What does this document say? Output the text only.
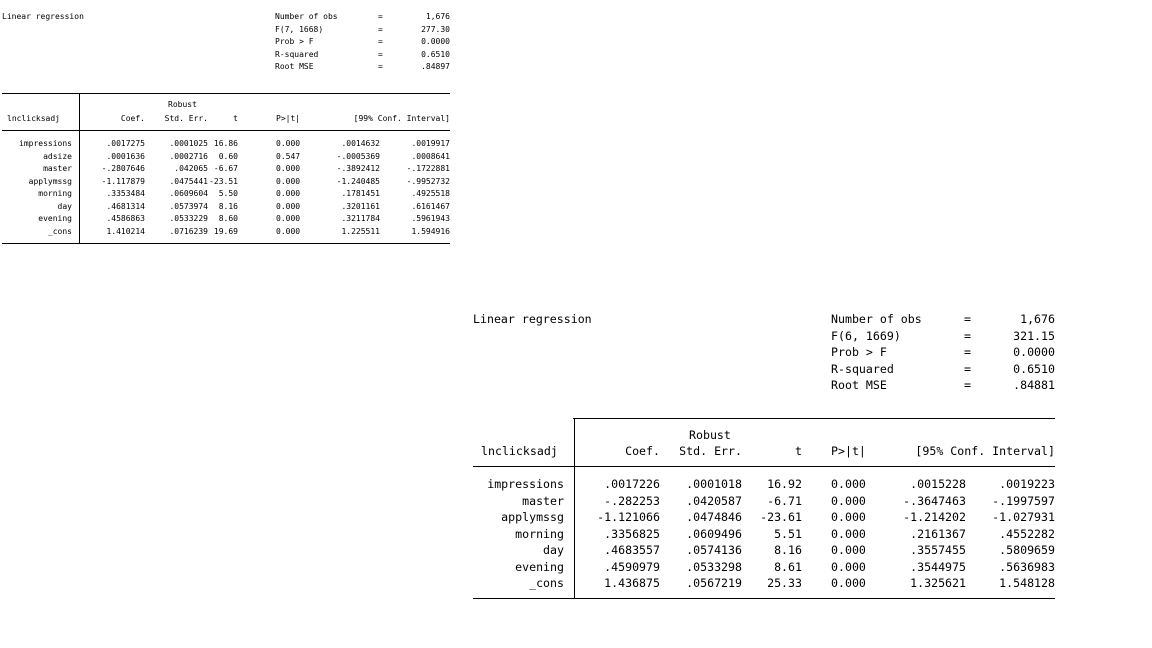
Linear regression	Number of obs	=	1,676
F(7, 1668)	=	277.30
Prob > F	=	0.0000
R-squared	=	0.6510
Root MSE	=	.84897
Robust
lnclicksadj	Coef. Std. Err.	t	P>|t|	[99% Conf. Interval]
impressions	.0017275	.0001025 16.86	0.000	.0014632	.0019917
adsize	.0001636	.0002716 0.60	0.547	-.0005369	.0008641
master	-.2807646	.042065 -6.67	0.000	-.3892412	-.1722881
applymssg	-1.117879	.0475441 -23.51	0.000	-1.240485	-.9952732
morning	.3353484	.0609604 5.50	0.000	.1781451	.4925518
day	.4681314	.0573974 8.16	0.000	.3201161	.6161467
evening	.4586863	.0533229 8.60	0.000	.3211784	.5961943
_cons	1.410214	.0716239 19.69	0.000	1.225511	1.594916
Linear regression	Number of obs	=	1,676
F(6, 1669)	=	321.15
Prob > F	=	0.0000
R-squared	=	0.6510
Root MSE	=	.84881
Robust
lnclicksadj	Coef. Std. Err.	t	P>|t|	[95% Conf. Interval]
impressions	.0017226 .0001018 16.92	0.000	.0015228	.0019223
master	-.282253 .0420587 -6.71	0.000	-.3647463 -.1997597
applymssg	-1.121066 .0474846 -23.61	0.000	-1.214202 -1.027931
morning	.3356825 .0609496	5.51	0.000	.2161367	.4552282
day	.4683557 .0574136	8.16	0.000	.3557455	.5809659
evening	.4590979 .0533298	8.61	0.000	.3544975	.5636983
_cons	1.436875 .0567219 25.33	0.000	1.325621	1.548128
